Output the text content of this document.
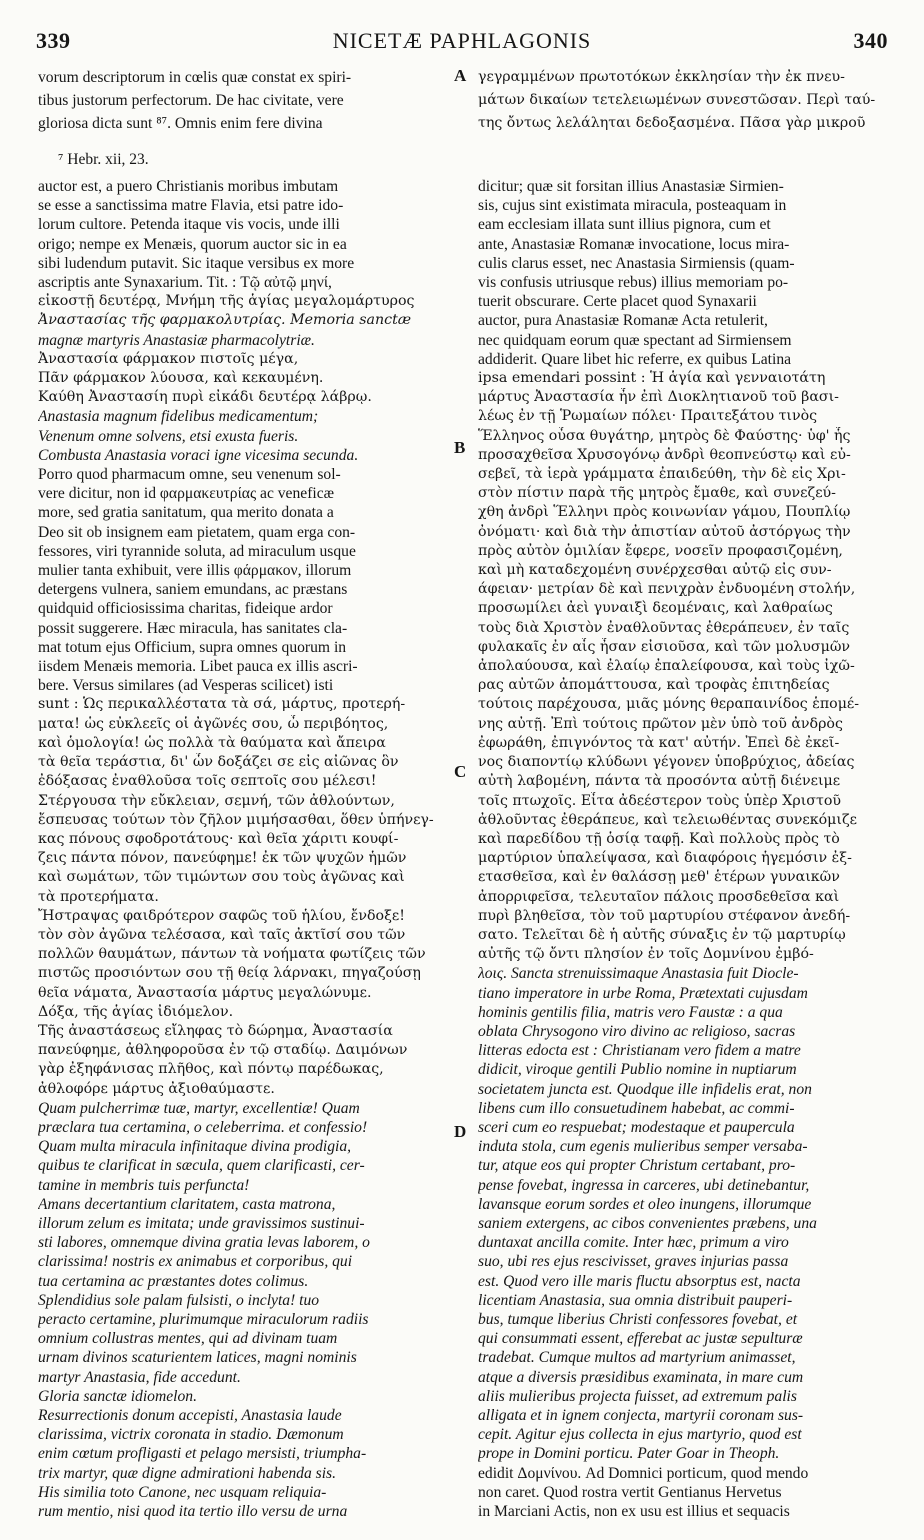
339	NICETÆ PAPHLAGONIS	340
vorum descriptorum in cœlis quæ constat ex spiri-
tibus justorum perfectorum. De hac civitate, vere
gloriosa dicta sunt ⁸⁷. Omnis enim fere divina
γεγραμμένων πρωτοτόκων ἐκκλησίαν τὴν ἐκ πνευ-
μάτων δικαίων τετελειωμένων συνεστῶσαν. Περὶ ταύ-
της ὄντως λελάληται δεδοξασμένα. Πᾶσα γὰρ μικροῦ
A
B
C
D
⁷ Hebr. xii, 23.
auctor est, a puero Christianis moribus imbutam
se esse a sanctissima matre Flavia, etsi patre ido-
lorum cultore. Petenda itaque vis vocis, unde illi
origo; nempe ex Menæis, quorum auctor sic in ea
sibi ludendum putavit. Sic itaque versibus ex more
ascriptis ante Synaxarium. Tit. : Τῷ αὐτῷ μηνί,
εἰκοστῇ δευτέρᾳ, Μνήμη τῆς ἁγίας μεγαλομάρτυρος
Ἀναστασίας τῆς φαρμακολυτρίας. Memoria sanctæ
magnæ martyris Anastasiæ pharmacolytriæ.
Ἀναστασία φάρμακον πιστοῖς μέγα,
Πᾶν φάρμακον λύουσα, καὶ κεκαυμένη.
Καύθη Ἀναστασίη πυρὶ εἰκάδι δευτέρᾳ λάβρῳ.
Anastasia magnum fidelibus medicamentum;
Venenum omne solvens, etsi exusta fueris.
Combusta Anastasia voraci igne vicesima secunda.
Porro quod pharmacum omne, seu venenum sol-
vere dicitur, non id φαρμακευτρίας ac veneficæ
more, sed gratia sanitatum, qua merito donata a
Deo sit ob insignem eam pietatem, quam erga con-
fessores, viri tyrannide soluta, ad miraculum usque
mulier tanta exhibuit, vere illis φάρμακον, illorum
detergens vulnera, saniem emundans, ac præstans
quidquid officiosissima charitas, fideique ardor
possit suggerere. Hæc miracula, has sanitates cla-
mat totum ejus Officium, supra omnes quorum in
iisdem Menæis memoria. Libet pauca ex illis ascri-
bere. Versus similares (ad Vesperas scilicet) isti
sunt : Ὡς περικαλλέστατα τὰ σά, μάρτυς, προτερή-
ματα! ὡς εὐκλεεῖς οἱ ἀγῶνές σου, ὦ περιβόητος,
καὶ ὁμολογία! ὡς πολλὰ τὰ θαύματα καὶ ἄπειρα
τὰ θεῖα τεράστια, δι' ὧν δοξάζει σε εἰς αἰῶνας ὃν
ἐδόξασας ἐναθλοῦσα τοῖς σεπτοῖς σου μέλεσι!
Στέργουσα τὴν εὔκλειαν, σεμνή, τῶν ἀθλούντων,
ἔσπευσας τούτων τὸν ζῆλον μιμήσασθαι, ὅθεν ὑπήνεγ-
κας πόνους σφοδροτάτους· καὶ θεῖα χάριτι κουφί-
ζεις πάντα πόνον, πανεύφημε! ἐκ τῶν ψυχῶν ἡμῶν
καὶ σωμάτων, τῶν τιμώντων σου τοὺς ἀγῶνας καὶ
τὰ προτερήματα.
Ἤστραψας φαιδρότερον σαφῶς τοῦ ἡλίου, ἔνδοξε!
τὸν σὸν ἀγῶνα τελέσασα, καὶ ταῖς ἀκτῖσί σου τῶν
πολλῶν θαυμάτων, πάντων τὰ νοήματα φωτίζεις τῶν
πιστῶς προσιόντων σου τῇ θείᾳ λάρνακι, πηγαζούσῃ
θεῖα νάματα, Ἀναστασία μάρτυς μεγαλώνυμε.
Δόξα, τῆς ἁγίας ἰδιόμελον.
Τῆς ἀναστάσεως εἴληφας τὸ δώρημα, Ἀναστασία
πανεύφημε, ἀθληφοροῦσα ἐν τῷ σταδίῳ. Δαιμόνων
γὰρ ἐξηφάνισας πλῆθος, καὶ πόντῳ παρέδωκας,
ἀθλοφόρε μάρτυς ἀξιοθαύμαστε.
Quam pulcherrimæ tuæ, martyr, excellentiæ! Quam
præclara tua certamina, o celeberrima. et confessio!
Quam multa miracula infinitaque divina prodigia,
quibus te clarificat in sæcula, quem clarificasti, cer-
tamine in membris tuis perfuncta!
Amans decertantium claritatem, casta matrona,
illorum zelum es imitata; unde gravissimos sustinui-
sti labores, omnemque divina gratia levas laborem, o
clarissima! nostris ex animabus et corporibus, qui
tua certamina ac præstantes dotes colimus.
Splendidius sole palam fulsisti, o inclyta! tuo
peracto certamine, plurimumque miraculorum radiis
omnium collustras mentes, qui ad divinam tuam
urnam divinos scaturientem latices, magni nominis
martyr Anastasia, fide accedunt.
Gloria sanctæ idiomelon.
Resurrectionis donum accepisti, Anastasia laude
clarissima, victrix coronata in stadio. Dæmonum
enim cœtum profligasti et pelago mersisti, triumpha-
trix martyr, quæ digne admirationi habenda sis.
His similia toto Canone, nec usquam reliquia-
rum mentio, nisi quod ita tertio illo versu de urna
dicitur; quæ sit forsitan illius Anastasiæ Sirmien-
sis, cujus sint existimata miracula, posteaquam in
eam ecclesiam illata sunt illius pignora, cum et
ante, Anastasiæ Romanæ invocatione, locus mira-
culis clarus esset, nec Anastasia Sirmiensis (quam-
vis confusis utriusque rebus) illius memoriam po-
tuerit obscurare. Certe placet quod Synaxarii
auctor, pura Anastasiæ Romanæ Acta retulerit,
nec quidquam eorum quæ spectant ad Sirmiensem
addiderit. Quare libet hic referre, ex quibus Latina
ipsa emendari possint : Ἡ ἁγία καὶ γενναιοτάτη
μάρτυς Ἀναστασία ἦν ἐπὶ Διοκλητιανοῦ τοῦ βασι-
λέως ἐν τῇ Ῥωμαίων πόλει· Πραιτεξάτου τινὸς
Ἕλληνος οὖσα θυγάτηρ, μητρὸς δὲ Φαύστης· ὑφ' ἧς
προσαχθεῖσα Χρυσογόνῳ ἀνδρὶ θεοπνεύστῳ καὶ εὐ-
σεβεῖ, τὰ ἱερὰ γράμματα ἐπαιδεύθη, τὴν δὲ εἰς Χρι-
στὸν πίστιν παρὰ τῆς μητρὸς ἔμαθε, καὶ συνεζεύ-
χθη ἀνδρὶ Ἕλληνι πρὸς κοινωνίαν γάμου, Πουπλίῳ
ὀνόματι· καὶ διὰ τὴν ἀπιστίαν αὐτοῦ ἀστόργως τὴν
πρὸς αὐτὸν ὁμιλίαν ἔφερε, νοσεῖν προφασιζομένη,
καὶ μὴ καταδεχομένη συνέρχεσθαι αὐτῷ εἰς συν-
άφειαν· μετρίαν δὲ καὶ πενιχρὰν ἐνδυομένη στολήν,
προσωμίλει ἀεὶ γυναιξὶ δεομέναις, καὶ λαθραίως
τοὺς διὰ Χριστὸν ἐναθλοῦντας ἐθεράπευεν, ἐν ταῖς
φυλακαῖς ἐν αἷς ἦσαν εἰσιοῦσα, καὶ τῶν μολυσμῶν
ἀπολαύουσα, καὶ ἐλαίῳ ἐπαλείφουσα, καὶ τοὺς ἰχῶ-
ρας αὐτῶν ἀπομάττουσα, καὶ τροφὰς ἐπιτηδείας
τούτοις παρέχουσα, μιᾶς μόνης θεραπαινίδος ἑπομέ-
νης αὐτῇ. Ἐπὶ τούτοις πρῶτον μὲν ὑπὸ τοῦ ἀνδρὸς
ἐφωράθη, ἐπιγνόντος τὰ κατ' αὐτήν. Ἐπεὶ δὲ ἐκεῖ-
νος διαποντίῳ κλύδωνι γέγονεν ὑποβρύχιος, ἀδείας
αὐτὴ λαβομένη, πάντα τὰ προσόντα αὐτῇ διένειμε
τοῖς πτωχοῖς. Εἶτα ἀδεέστερον τοὺς ὑπὲρ Χριστοῦ
ἀθλοῦντας ἐθεράπευε, καὶ τελειωθέντας συνεκόμιζε
καὶ παρεδίδου τῇ ὁσίᾳ ταφῇ. Καὶ πολλοὺς πρὸς τὸ
μαρτύριον ὑπαλείψασα, καὶ διαφόροις ἡγεμόσιν ἐξ-
ετασθεῖσα, καὶ ἐν θαλάσσῃ μεθ' ἑτέρων γυναικῶν
ἀπορριφεῖσα, τελευταῖον πάλοις προσδεθεῖσα καὶ
πυρὶ βληθεῖσα, τὸν τοῦ μαρτυρίου στέφανον ἀνεδή-
σατο. Τελεῖται δὲ ἡ αὐτῆς σύναξις ἐν τῷ μαρτυρίῳ
αὐτῆς τῷ ὄντι πλησίον ἐν τοῖς Δομνίνου ἐμβό-
λοις. Sancta strenuissimaque Anastasia fuit Diocle-
tiano imperatore in urbe Roma, Prætextati cujusdam
hominis gentilis filia, matris vero Faustæ : a qua
oblata Chrysogono viro divino ac religioso, sacras
litteras edocta est : Christianam vero fidem a matre
didicit, viroque gentili Publio nomine in nuptiarum
societatem juncta est. Quodque ille infidelis erat, non
libens cum illo consuetudinem habebat, ac commi-
sceri cum eo respuebat; modestaque et paupercula
induta stola, cum egenis mulieribus semper versaba-
tur, atque eos qui propter Christum certabant, pro-
pense fovebat, ingressa in carceres, ubi detinebantur,
lavansque eorum sordes et oleo inungens, illorumque
saniem extergens, ac cibos convenientes præbens, una
duntaxat ancilla comite. Inter hæc, primum a viro
suo, ubi res ejus rescivisset, graves injurias passa
est. Quod vero ille maris fluctu absorptus est, nacta
licentiam Anastasia, sua omnia distribuit pauperi-
bus, tumque liberius Christi confessores fovebat, et
qui consummati essent, efferebat ac justæ sepulturæ
tradebat. Cumque multos ad martyrium animasset,
atque a diversis præsidibus examinata, in mare cum
aliis mulieribus projecta fuisset, ad extremum palis
alligata et in ignem conjecta, martyrii coronam sus-
cepit. Agitur ejus collecta in ejus martyrio, quod est
prope in Domini porticu. Pater Goar in Theoph.
edidit Δομνίνου. Ad Domnici porticum, quod mendo
non caret. Quod rostra vertit Gentianus Hervetus
in Marciani Actis, non ex usu est illius et sequacis
